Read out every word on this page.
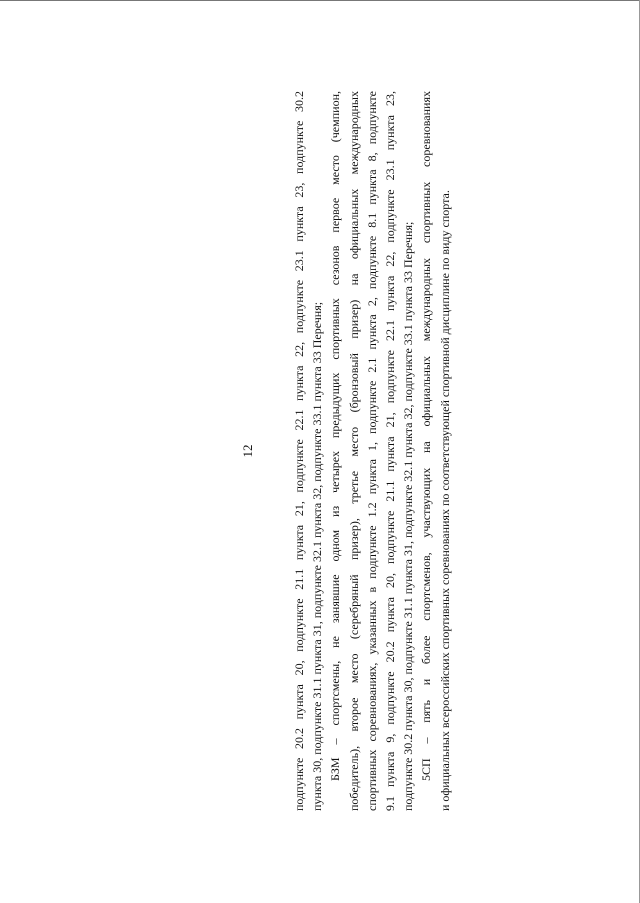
12	подпункте 20.2 пункта 20, подпункте 21.1 пункта 21, подпункте 22.1 пункта 22, подпункте 23.1 пункта 23, подпункте 30.2 пункта 30, подпункте 31.1 пункта 31, подпункте 32.1 пункта 32, подпункте 33.1 пункта 33 Перечня; БЗМ – спортсмены, не занявшие одном из четырех предыдущих спортивных сезонов первое место (чемпион, победитель), второе место (серебряный призер), третье место (бронзовый призер) на официальных международных спортивных соревнованиях, указанных в подпункте 1.2 пункта 1, подпункте 2.1 пункта 2, подпункте 8.1 пункта 8, подпункте 9.1 пункта 9, подпункте 20.2 пункта 20, подпункте 21.1 пункта 21, подпункте 22.1 пункта 22, подпункте 23.1 пункта 23, подпункте 30.2 пункта 30, подпункте 31.1 пункта 31, подпункте 32.1 пункта 32, подпункте 33.1 пункта 33 Перечня; 5СП – пять и более спортсменов, участвующих на официальных международных спортивных соревнованиях и официальных всероссийских спортивных соревнованиях по соответствующей спортивной дисциплине по виду спорта.
